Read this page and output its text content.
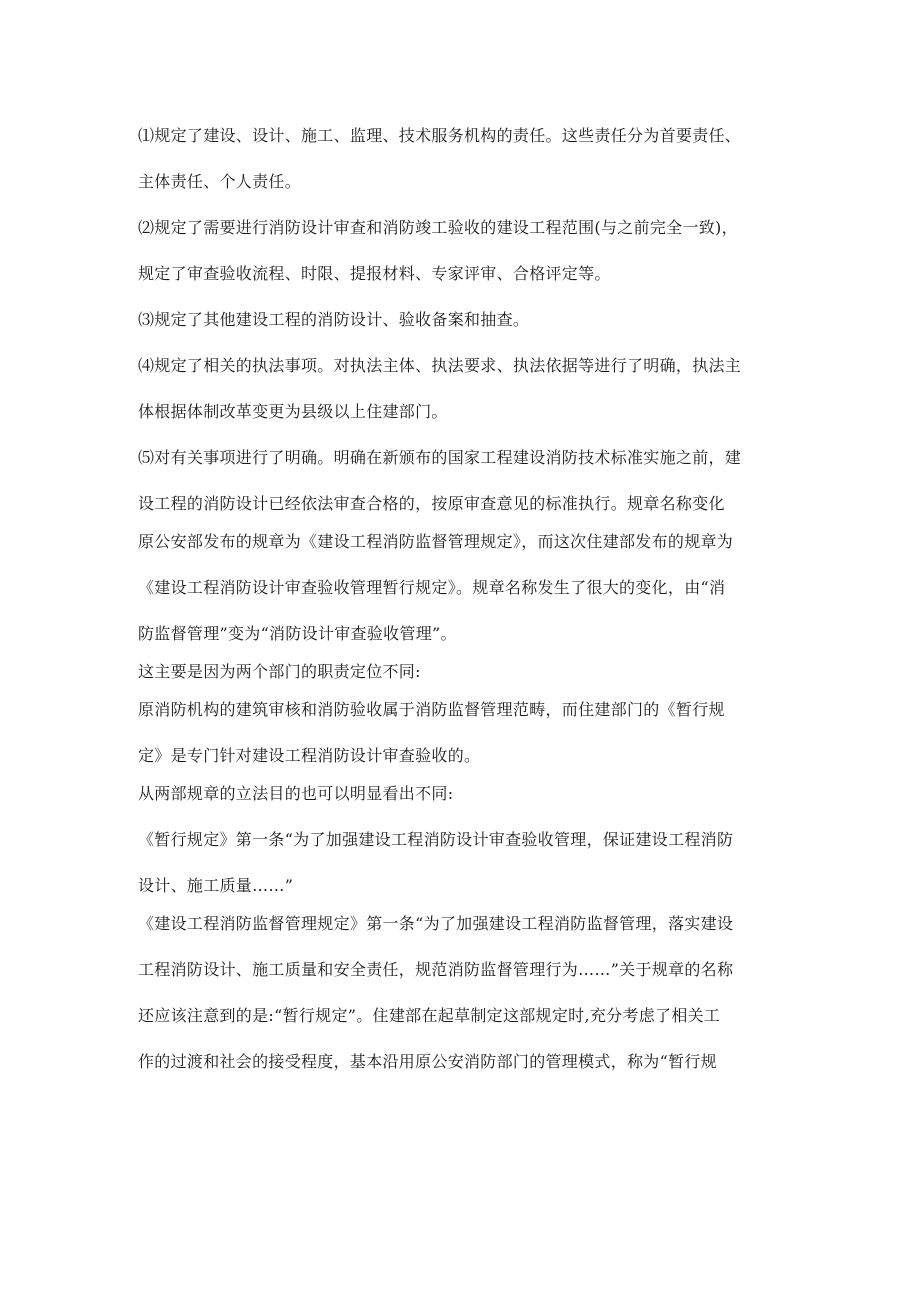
⑴规定了建设、设计、施工、监理、技术服务机构的责任。这些责任分为首要责任、
主体责任、个人责任。
⑵规定了需要进行消防设计审查和消防竣工验收的建设工程范围(与之前完全一致)，
规定了审查验收流程、时限、提报材料、专家评审、合格评定等。
⑶规定了其他建设工程的消防设计、验收备案和抽查。
⑷规定了相关的执法事项。对执法主体、执法要求、执法依据等进行了明确，执法主
体根据体制改革变更为县级以上住建部门。
⑸对有关事项进行了明确。明确在新颁布的国家工程建设消防技术标准实施之前，建
设工程的消防设计已经依法审查合格的，按原审查意见的标准执行。规章名称变化
原公安部发布的规章为《建设工程消防监督管理规定》，而这次住建部发布的规章为
《建设工程消防设计审查验收管理暂行规定》。规章名称发生了很大的变化，由“消
防监督管理”变为“消防设计审查验收管理”。
这主要是因为两个部门的职责定位不同:
原消防机构的建筑审核和消防验收属于消防监督管理范畴，而住建部门的《暂行规
定》是专门针对建设工程消防设计审查验收的。
从两部规章的立法目的也可以明显看出不同:
《暂行规定》第一条“为了加强建设工程消防设计审查验收管理，保证建设工程消防
设计、施工质量……”
《建设工程消防监督管理规定》第一条“为了加强建设工程消防监督管理，落实建设
工程消防设计、施工质量和安全责任，规范消防监督管理行为……”关于规章的名称
还应该注意到的是:“暂行规定”。住建部在起草制定这部规定时,充分考虑了相关工
作的过渡和社会的接受程度，基本沿用原公安消防部门的管理模式，称为“暂行规
